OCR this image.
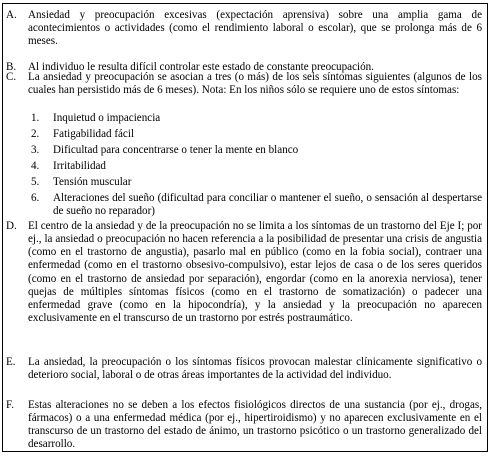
A. Ansiedad y preocupación excesivas (expectación aprensiva) sobre una amplia gama de acontecimientos o actividades (como el rendimiento laboral o escolar), que se prolonga más de 6 meses.
B. Al individuo le resulta difícil controlar este estado de constante preocupación.
C. La ansiedad y preocupación se asocian a tres (o más) de los seis síntomas siguientes (algunos de los cuales han persistido más de 6 meses). Nota: En los niños sólo se requiere uno de estos síntomas:
1. Inquietud o impaciencia
2. Fatigabilidad fácil
3. Dificultad para concentrarse o tener la mente en blanco
4. Irritabilidad
5. Tensión muscular
6. Alteraciones del sueño (dificultad para conciliar o mantener el sueño, o sensación al despertarse de sueño no reparador)
D. El centro de la ansiedad y de la preocupación no se limita a los síntomas de un trastorno del Eje I; por ej., la ansiedad o preocupación no hacen referencia a la posibilidad de presentar una crisis de angustia (como en el trastorno de angustia), pasarlo mal en público (como en la fobia social), contraer una enfermedad (como en el trastorno obsesivo-compulsivo), estar lejos de casa o de los seres queridos (como en el trastorno de ansiedad por separación), engordar (como en la anorexia nerviosa), tener quejas de múltiples síntomas físicos (como en el trastorno de somatización) o padecer una enfermedad grave (como en la hipocondría), y la ansiedad y la preocupación no aparecen exclusivamente en el transcurso de un trastorno por estrés postraumático.
E. La ansiedad, la preocupación o los síntomas físicos provocan malestar clínicamente significativo o deterioro social, laboral o de otras áreas importantes de la actividad del individuo.
F. Estas alteraciones no se deben a los efectos fisiológicos directos de una sustancia (por ej., drogas, fármacos) o a una enfermedad médica (por ej., hipertiroidismo) y no aparecen exclusivamente en el transcurso de un trastorno del estado de ánimo, un trastorno psicótico o un trastorno generalizado del desarrollo.
